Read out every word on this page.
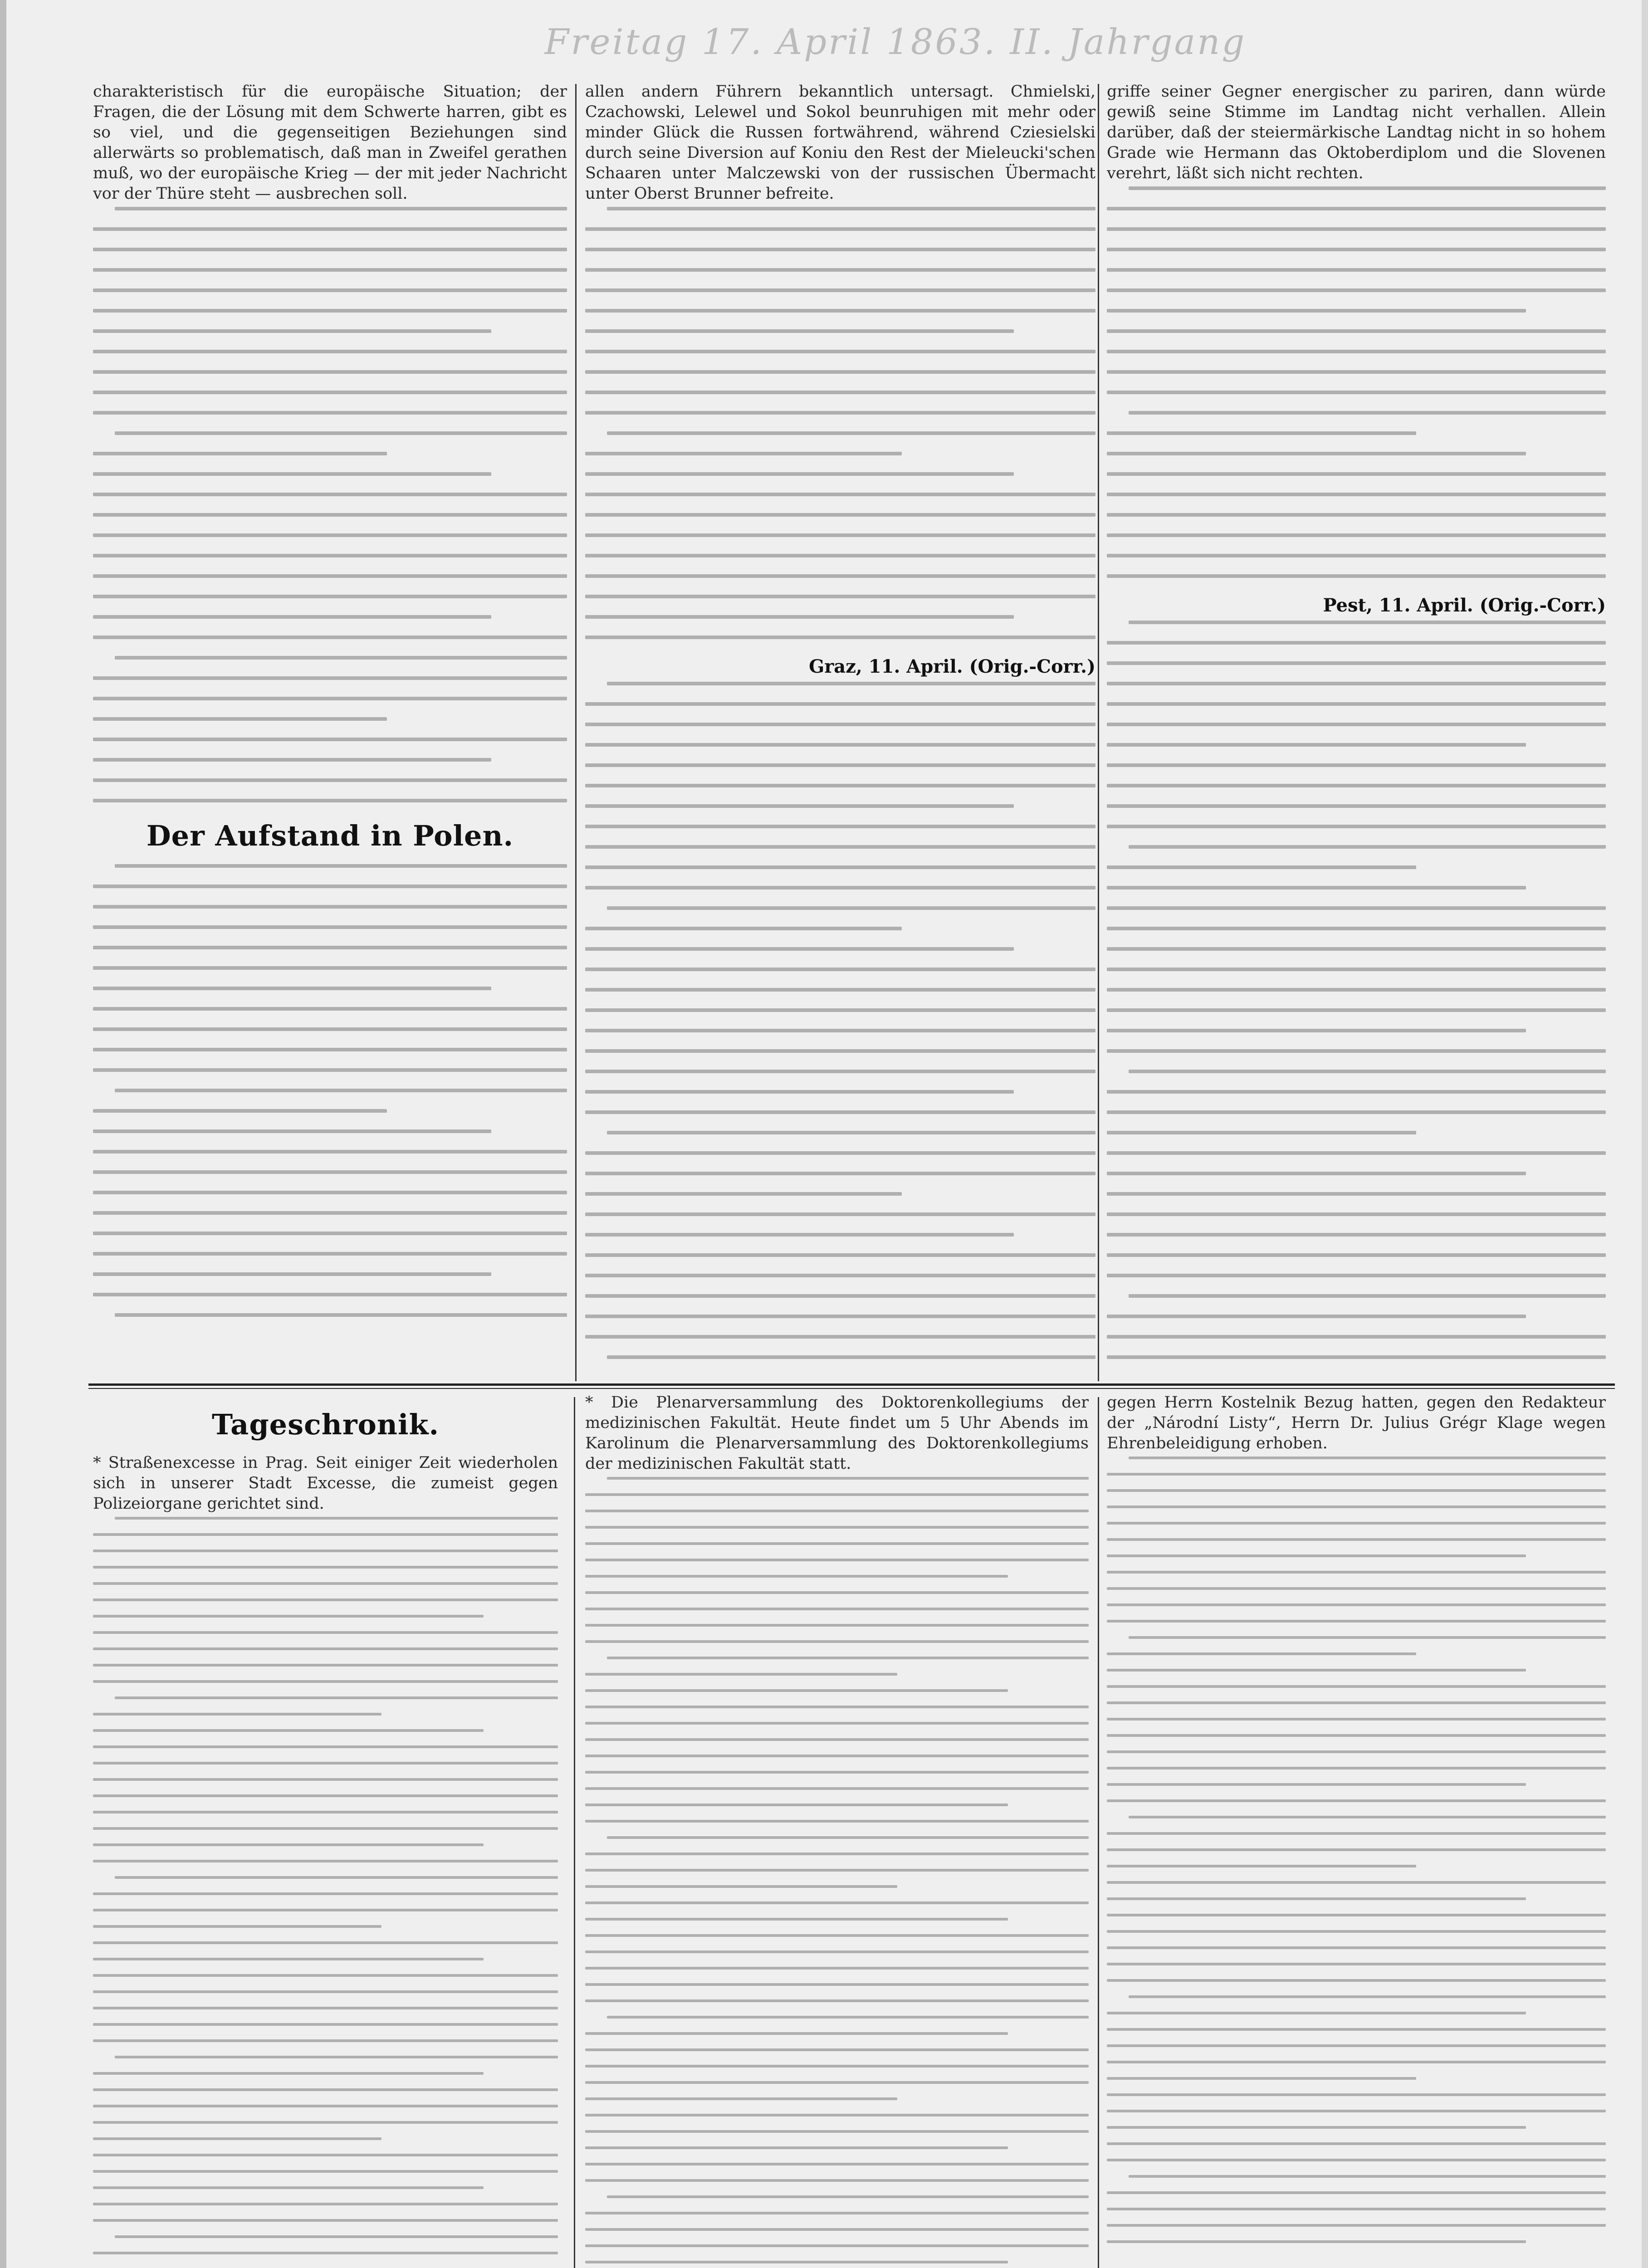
Freitag 17. April 1863. II. Jahrgang

charakteristisch für die europäische Situation; der Fragen, die der Lösung mit dem Schwerte harren, gibt es so viel, und die gegenseitigen Beziehungen sind allerwärts so problematisch, daß man in Zweifel gerathen muß, wo der europäische Krieg — der mit jeder Nachricht vor der Thüre steht — ausbrechen soll.

Der Aufstand in Polen.

allen andern Führern bekanntlich untersagt. Chmielski, Czachowski, Lelewel und Sokol beunruhigen mit mehr oder minder Glück die Russen fortwährend, während Cziesielski durch seine Diversion auf Koniu den Rest der Mieleucki'schen Schaaren unter Malczewski von der russischen Übermacht unter Oberst Brunner befreite.

Graz, 11. April. (Orig.-Corr.)

griffe seiner Gegner energischer zu pariren, dann würde gewiß seine Stimme im Landtag nicht verhallen. Allein darüber, daß der steiermärkische Landtag nicht in so hohem Grade wie Hermann das Oktoberdiplom und die Slovenen verehrt, läßt sich nicht rechten.

Pest, 11. April. (Orig.-Corr.)
Tageschronik.

* Straßenexcesse in Prag. Seit einiger Zeit wiederholen sich in unserer Stadt Excesse, die zumeist gegen Polizeiorgane gerichtet sind.

* Die Plenarversammlung des Doktorenkollegiums der medizinischen Fakultät. Heute findet um 5 Uhr Abends im Karolinum die Plenarversammlung des Doktorenkollegiums der medizinischen Fakultät statt.

gegen Herrn Kostelnik Bezug hatten, gegen den Redakteur der „Národní Listy“, Herrn Dr. Julius Grégr Klage wegen Ehrenbeleidigung erhoben.
